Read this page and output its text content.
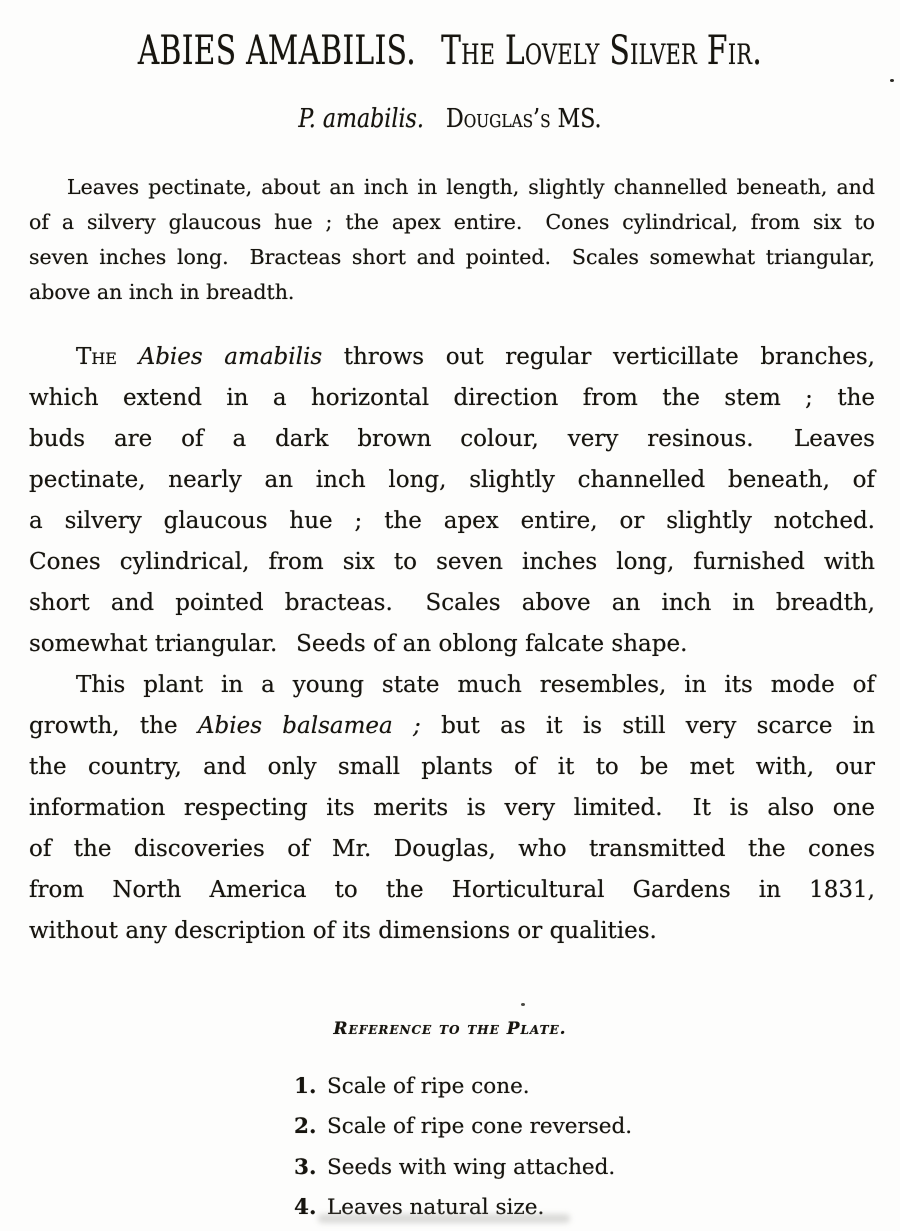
ABIES AMABILIS. The Lovely Silver Fir.
P. amabilis. Douglas’s MS.
Leaves pectinate, about an inch in length, slightly channelled beneath, and
of a silvery glaucous hue ; the apex entire.  Cones cylindrical, from six to
seven inches long.  Bracteas short and pointed.  Scales somewhat triangular,
above an inch in breadth.
The Abies amabilis throws out regular verticillate branches,
which extend in a horizontal direction from the stem ; the
buds are of a dark brown colour, very resinous.  Leaves
pectinate, nearly an inch long, slightly channelled beneath, of
a silvery glaucous hue ; the apex entire, or slightly notched.
Cones cylindrical, from six to seven inches long, furnished with
short and pointed bracteas.  Scales above an inch in breadth,
somewhat triangular.  Seeds of an oblong falcate shape.
This plant in a young state much resembles, in its mode of
growth, the Abies balsamea ; but as it is still very scarce in
the country, and only small plants of it to be met with, our
information respecting its merits is very limited.  It is also one
of the discoveries of Mr. Douglas, who transmitted the cones
from North America to the Horticultural Gardens in 1831,
without any description of its dimensions or qualities.
Reference to the Plate.
1. Scale of ripe cone.
2. Scale of ripe cone reversed.
3. Seeds with wing attached.
4. Leaves natural size.
